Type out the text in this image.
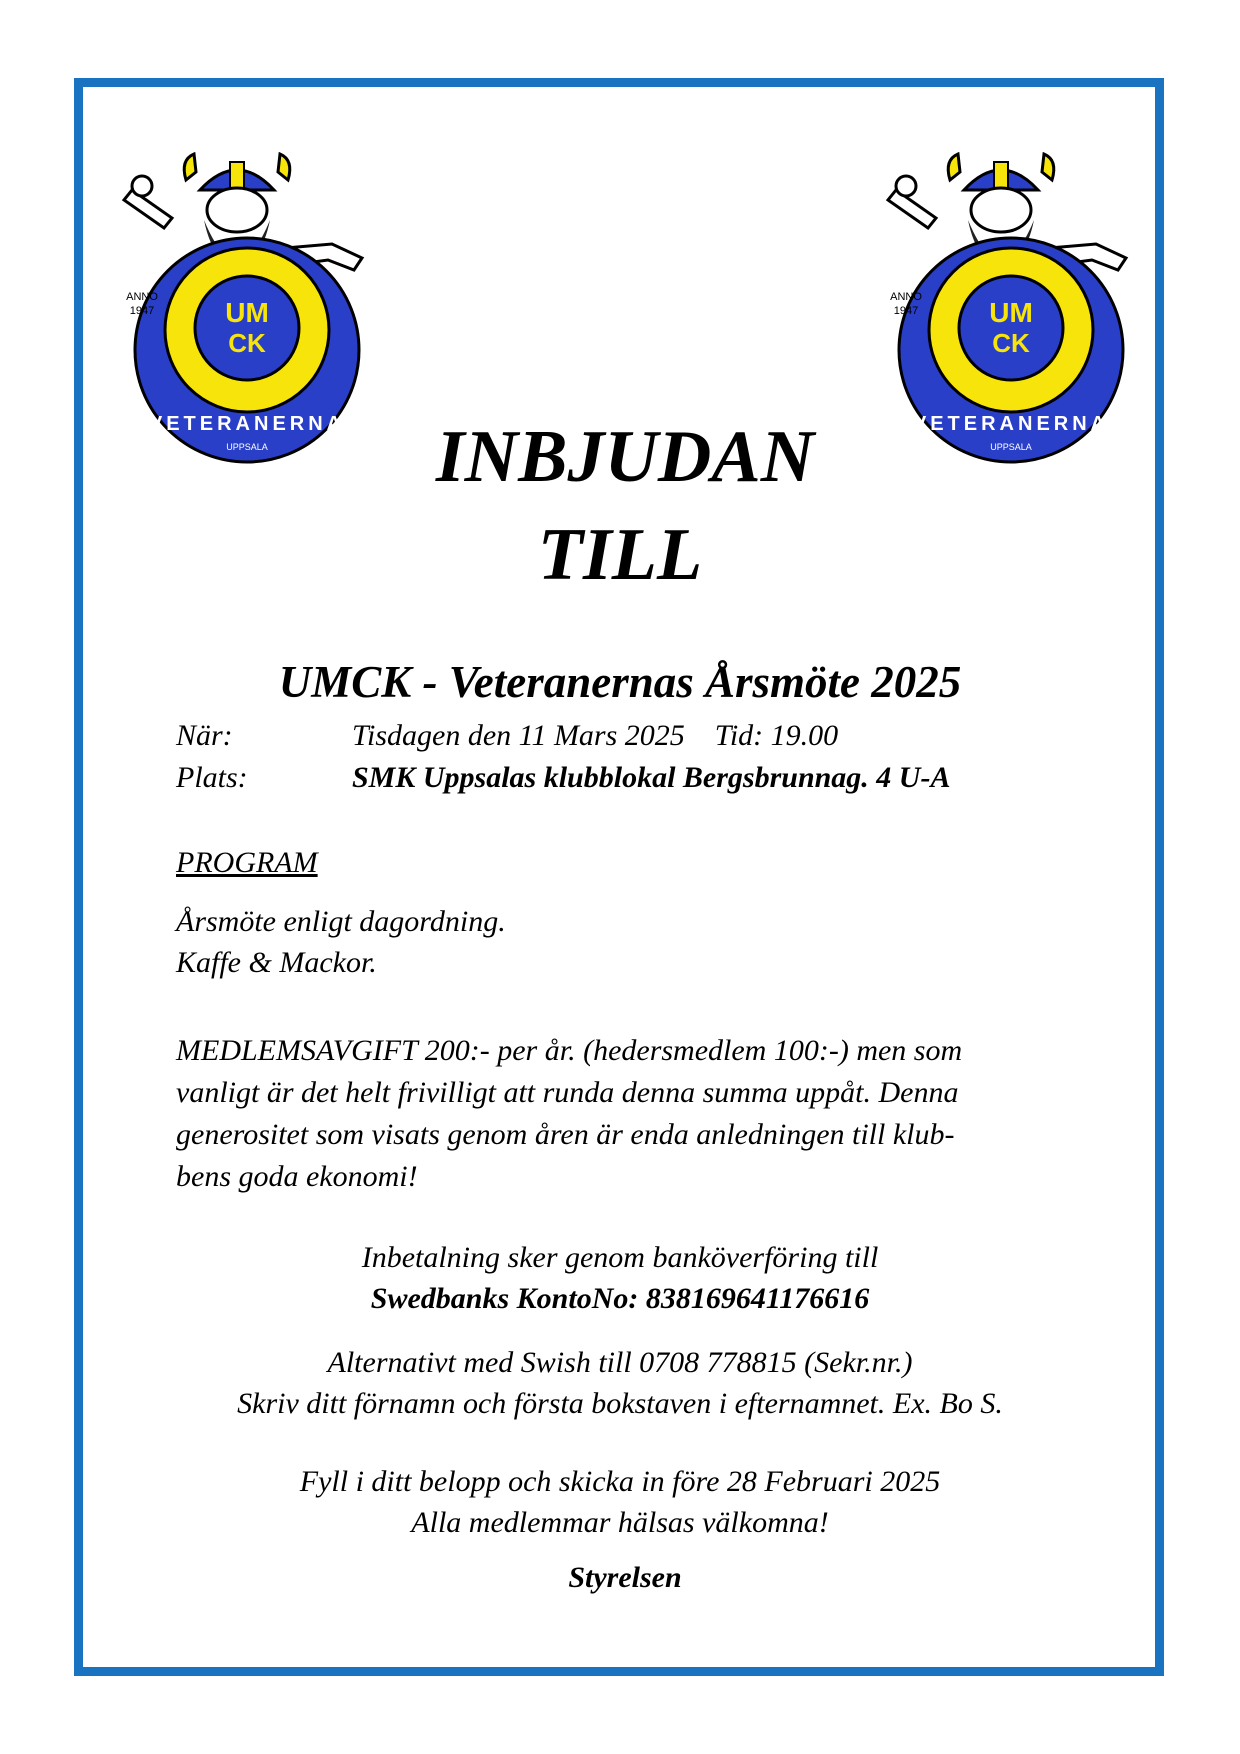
UM
CK
ANNO
1947
VETERANERNA
UPPSALA
UM
CK
ANNO
1947
VETERANERNA
UPPSALA
INBJUDAN
TILL
UMCK - Veteranernas Årsmöte 2025
När:	Tisdagen den 11 Mars 2025 Tid: 19.00
Plats:	SMK Uppsalas klubblokal Bergsbrunnag. 4 U-A
PROGRAM
Årsmöte enligt dagordning.
Kaffe & Mackor.
MEDLEMSAVGIFT 200:- per år. (hedersmedlem 100:-) men som
vanligt är det helt frivilligt att runda denna summa uppåt. Denna
generositet som visats genom åren är enda anledningen till klub-
bens goda ekonomi!
Inbetalning sker genom banköverföring till
Swedbanks KontoNo: 838169641176616
Alternativt med Swish till 0708 778815 (Sekr.nr.)
Skriv ditt förnamn och första bokstaven i efternamnet. Ex. Bo S.
Fyll i ditt belopp och skicka in före 28 Februari 2025
Alla medlemmar hälsas välkomna!
Styrelsen
